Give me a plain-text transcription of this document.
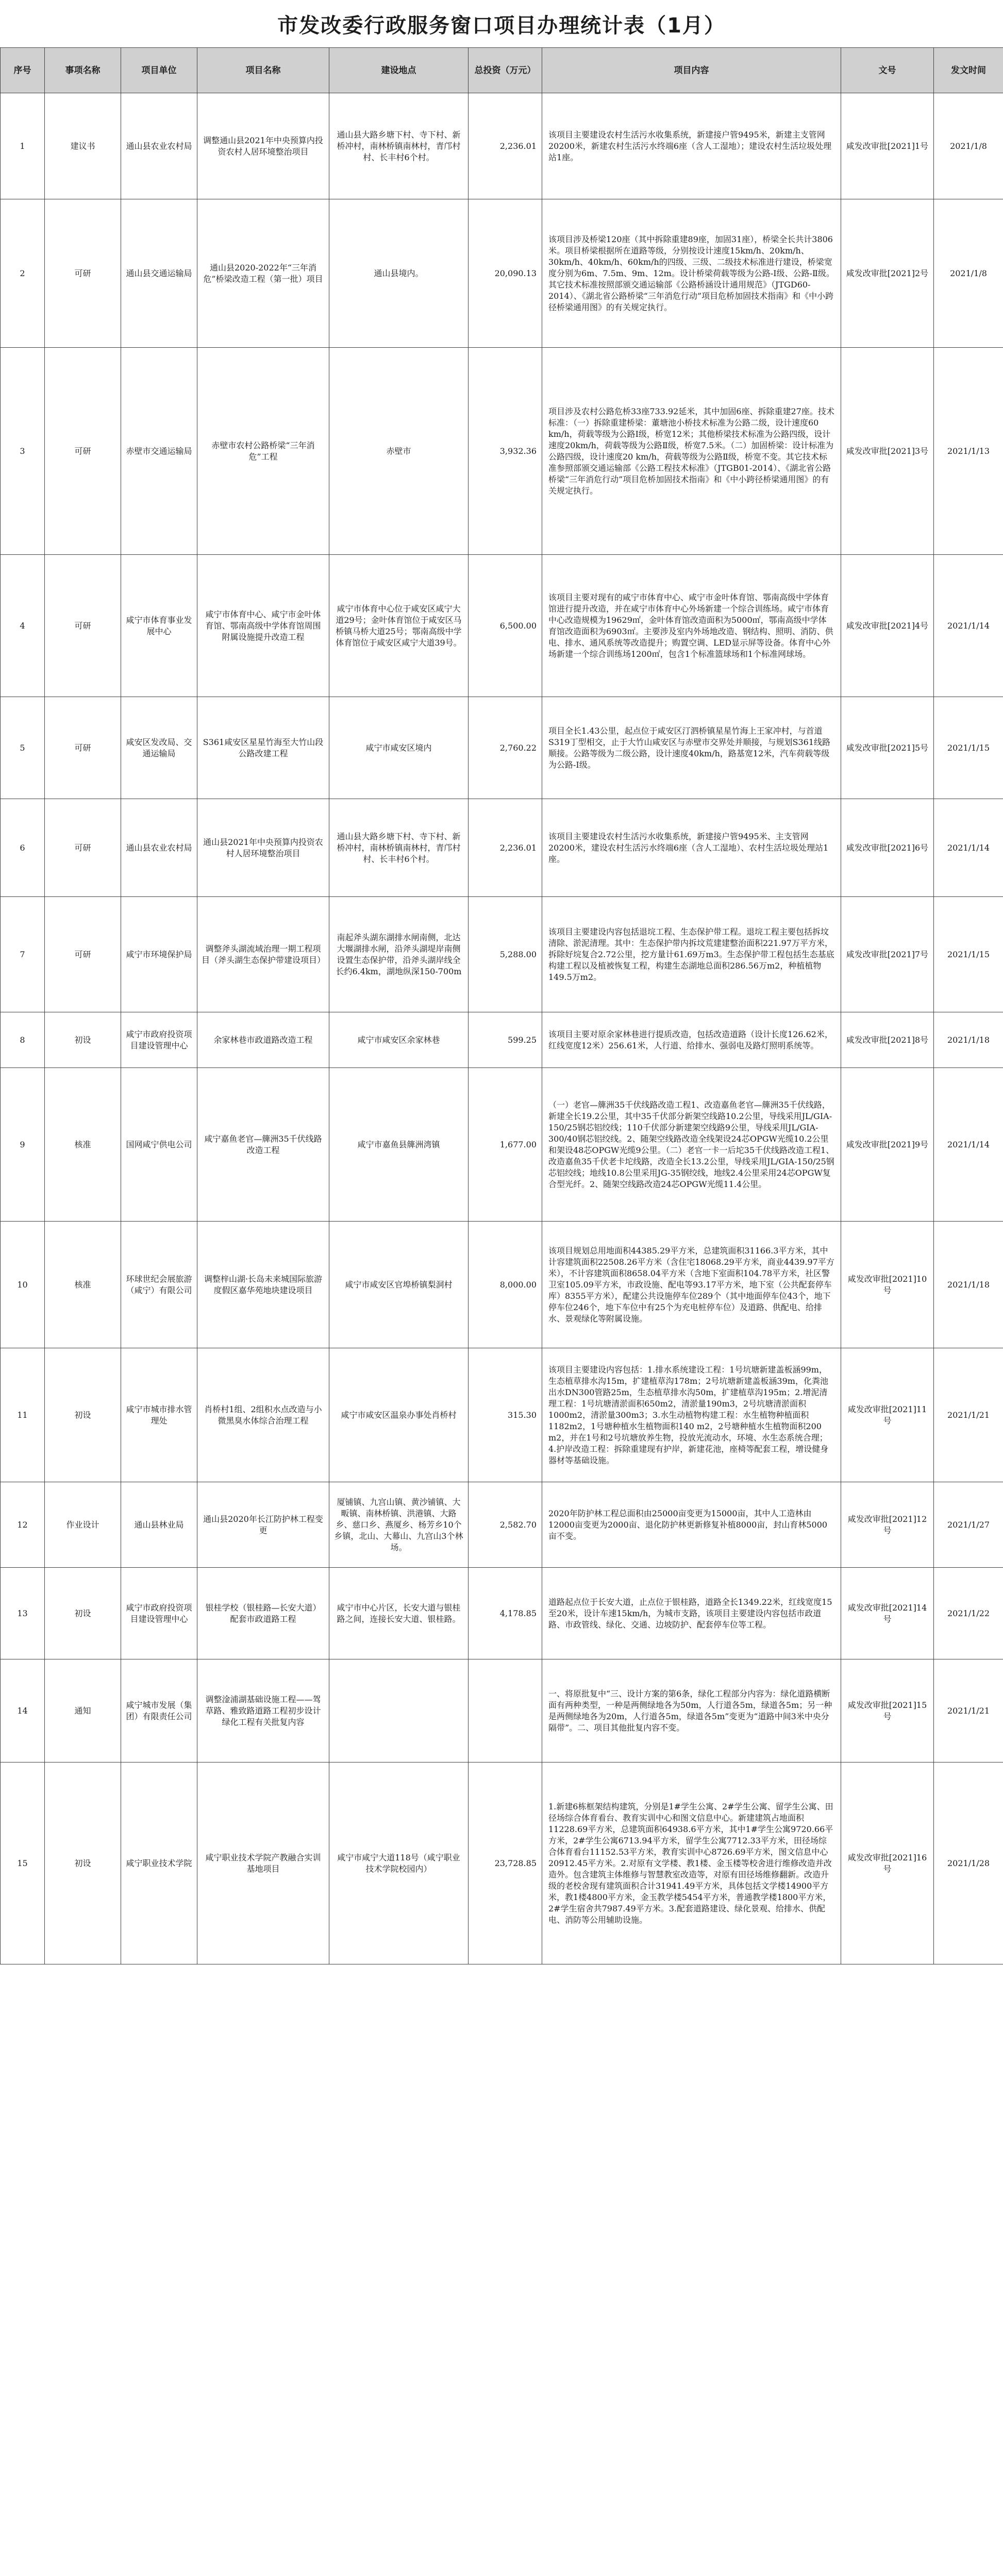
市发改委行政服务窗口项目办理统计表（1月）
序号	事项名称	项目单位	项目名称	建设地点	总投资（万元）	项目内容	文号	发文时间
1	建议书	通山县农业农村局	调整通山县2021年中央预算内投资农村人居环境整治项目	通山县大路乡塘下村、寺下村、新桥冲村，南林桥镇南林村，青邝村村、长丰村6个村。	2,236.01	该项目主要建设农村生活污水收集系统，新建接户管9495米，新建主支管网20200米，新建农村生活污水终端6座（含人工湿地）；建设农村生活垃圾处理站1座。	咸发改审批[2021]1号	2021/1/8
2	可研	通山县交通运输局	通山县2020-2022年“三年消危”桥梁改造工程（第一批）项目	通山县境内。	20,090.13	该项目涉及桥梁120座（其中拆除重建89座，加固31座），桥梁全长共计3806米。项目桥梁根据所在道路等级，分别按设计速度15km/h、20km/h、30km/h、40km/h、60km/h的四级、三级、二级技术标准进行建设，桥梁宽度分别为6m、7.5m、9m、12m。设计桥梁荷载等级为公路-Ⅰ级、公路-Ⅱ级。其它技术标准按照部颁交通运输部《公路桥涵设计通用规范》（JTGD60-2014）、《湖北省公路桥梁“三年消危行动”项目危桥加固技术指南》和《中小跨径桥梁通用图》的有关规定执行。	咸发改审批[2021]2号	2021/1/8
3	可研	赤壁市交通运输局	赤壁市农村公路桥梁“三年消危”工程	赤壁市	3,932.36	项目涉及农村公路危桥33座733.92延米，其中加固6座、拆除重建27座。技术标准：（一）拆除重建桥梁：董塘池小桥技术标准为公路二级，设计速度60 km/h，荷载等级为公路Ⅰ级，桥宽12米；其他桥梁技术标准为公路四级，设计速度20km/h，荷载等级为公路Ⅱ级，桥宽7.5米。（二）加固桥梁：设计标准为公路四级，设计速度20 km/h，荷载等级为公路Ⅱ级，桥宽不变。其它技术标准参照部颁交通运输部《公路工程技术标准》（JTGB01-2014）、《湖北省公路桥梁“三年消危行动”项目危桥加固技术指南》和《中小跨径桥梁通用图》的有关规定执行。	咸发改审批[2021]3号	2021/1/13
4	可研	咸宁市体育事业发展中心	咸宁市体育中心、咸宁市金叶体育馆、鄂南高级中学体育馆周围附属设施提升改造工程	咸宁市体育中心位于咸安区咸宁大道29号；金叶体育馆位于咸安区马桥镇马桥大道25号；鄂南高级中学体育馆位于咸安区咸宁大道39号。	6,500.00	该项目主要对现有的咸宁市体育中心、咸宁市金叶体育馆、鄂南高级中学体育馆进行提升改造，并在咸宁市体育中心外场新建一个综合训练场。咸宁市体育中心改造规模为19629㎡，金叶体育馆改造面积为5000㎡，鄂南高级中学体育馆改造面积为6903㎡。主要涉及室内外场地改造、钢结构、照明、消防、供电、排水、通风系统等改造提升；购置空调、LED显示屏等设备。体育中心外场新建一个综合训练场1200㎡，包含1个标准篮球场和1个标准网球场。	咸发改审批[2021]4号	2021/1/14
5	可研	咸安区发改局、交通运输局	S361咸安区星星竹海至大竹山段公路改建工程	咸宁市咸安区境内	2,760.22	项目全长1.43公里，起点位于咸安区汀泗桥镇星星竹海上王家冲村，与首道S319丁型相交，止于大竹山咸安区与赤壁市交界处并顺接，与规划S361线路顺接。公路等级为二级公路，设计速度40km/h，路基宽12米，汽车荷载等级为公路-Ⅰ级。	咸发改审批[2021]5号	2021/1/15
6	可研	通山县农业农村局	通山县2021年中央预算内投资农村人居环境整治项目	通山县大路乡塘下村、寺下村、新桥冲村，南林桥镇南林村，青邝村村、长丰村6个村。	2,236.01	该项目主要建设农村生活污水收集系统，新建接户管9495米、主支管网20200米，建设农村生活污水终端6座（含人工湿地）、农村生活垃圾处理站1座。	咸发改审批[2021]6号	2021/1/14
7	可研	咸宁市环境保护局	调整斧头湖流域治理一期工程项目（斧头湖生态保护带建设项目）	南起斧头湖东湖排水闸南侧，北达大堰湖排水闸，沿斧头湖堤岸南侧设置生态保护带，沿斧头湖岸线全长约6.4km，湖地纵深150-700m	5,288.00	该项目主要建设内容包括退垸工程、生态保护带工程。退垸工程主要包括拆坟清除、淤泥清理。其中：生态保护带内拆坟荒建建整治面积221.97万平方米，拆除好垸复合2.72公里，挖方量计61.69万m3。生态保护带工程包括生态基底构建工程以及植被恢复工程，构建生态湖地总面积286.56万m2，种植植物149.5万m2。	咸发改审批[2021]7号	2021/1/15
8	初设	咸宁市政府投资项目建设管理中心	余家林巷市政道路改造工程	咸宁市咸安区余家林巷	599.25	该项目主要对原余家林巷进行提质改造，包括改造道路（设计长度126.62米，红线宽度12米）256.61米，人行道、给排水、强弱电及路灯照明系统等。	咸发改审批[2021]8号	2021/1/18
9	核准	国网咸宁供电公司	咸宁嘉鱼老官—簰洲35千伏线路改造工程	咸宁市嘉鱼县簰洲湾镇	1,677.00	（一）老官—簰洲35千伏线路改造工程1、改造嘉鱼老官—簰洲35千伏线路，新建全长19.2公里，其中35千伏部分新架空线路10.2公里，导线采用JL/GIA-150/25钢芯铝绞线；110千伏部分新建架空线路9公里，导线采用JL/GIA-300/40钢芯铝绞线。2、随架空线路改造全线架设24芯OPGW光缆10.2公里和架设48芯OPGW光缆9公里。（二）老官一卡一后坨35千伏线路改造工程1、改造嘉鱼35千伏老卡坨线路，改造全长13.2公里，导线采用JL/GIA-150/25钢芯铝绞线；地线10.8公里采用JG-35钢绞线，地线2.4公里采用24芯OPGW复合型光纤。2、随架空线路改造24芯OPGW光缆11.4公里。	咸发改审批[2021]9号	2021/1/14
10	核准	环球世纪会展旅游（咸宁）有限公司	调整梓山湖·长岛未来城国际旅游度假区嘉华苑地块建设项目	咸宁市咸安区官埠桥镇梨洞村	8,000.00	该项目规划总用地面积44385.29平方米，总建筑面积31166.3平方米，其中计容建筑面积22508.26平方米（含住宅18068.29平方米，商业4439.97平方米），不计容建筑面积8658.04平方米（含地下室面积104.78平方米，社区警卫室105.09平方米，市政设施、配电等93.17平方米，地下室（公共配套停车库）8355平方米），配建公共设施停车位289个（其中地面停车位43个，地下停车位246个，地下车位中有25个为充电桩停车位）及道路、供配电、给排水、景观绿化等附属设施。	咸发改审批[2021]10号	2021/1/18
11	初设	咸宁市城市排水管理处	肖桥村1组、2组积水点改造与小微黑臭水体综合治理工程	咸宁市咸安区温泉办事处肖桥村	315.30	该项目主要建设内容包括：1.排水系统建设工程：1号坑塘新建盖板涵99m，生态植草排水沟15m，扩建植草沟178m；2号坑塘新建盖板涵39m，化粪池出水DN300管路25m，生态植草排水沟50m，扩建植草沟195m；2.增泥清理工程：1号坑塘清淤面积650m2，清淤量190m3，2号坑塘清淤面积1000m2，清淤量300m3；3.水生动植物构建工程：水生植物种植面积1182m2，1号塘种植水生植物面积140 m2，2号塘种植水生植物面积200 m2，并在1号和2号坑塘放养生物，投放光流动水，环境、水生态系统合理；4.护岸改造工程：拆除重建现有护岸，新建花池，座椅等配套工程，增设健身器材等基础设施。	咸发改审批[2021]11号	2021/1/21
12	作业设计	通山县林业局	通山县2020年长江防护林工程变更	厦铺镇、九宫山镇、黄沙铺镇、大畈镇、南林桥镇、洪港镇、大路乡、慈口乡、燕厦乡、杨芳乡10个乡镇，北山、大幕山、九宫山3个林场。	2,582.70	2020年防护林工程总面积由25000亩变更为15000亩，其中人工造林由12000亩变更为2000亩、退化防护林更新修复补植8000亩，封山育林5000亩不变。	咸发改审批[2021]12号	2021/1/27
13	初设	咸宁市政府投资项目建设管理中心	银桂学校（银桂路—长安大道）配套市政道路工程	咸宁市中心片区，长安大道与银桂路之间，连接长安大道、银桂路。	4,178.85	道路起点位于长安大道，止点位于银桂路，道路全长1349.22米，红线宽度15至20米，设计车速15km/h，为城市支路，该项目主要建设内容包括市政道路、市政管线、绿化、交通、边坡防护、配套停车位等工程。	咸发改审批[2021]14号	2021/1/22
14	通知	咸宁城市发展（集团）有限责任公司	调整淦浦湖基础设施工程——驾草路、雅致路道路工程初步设计绿化工程有关批复内容			一、将原批复中“三、设计方案的第6条，绿化工程部分内容为：绿化道路横断面有两种类型，一种是两侧绿地各为50m，人行道各5m，绿道各5m；另一种是两侧绿地各为20m，人行道各5m，绿道各5m”变更为“道路中间3米中央分隔带”。二、项目其他批复内容不变。	咸发改审批[2021]15号	2021/1/21
15	初设	咸宁职业技术学院	咸宁职业技术学院产教融合实训基地项目	咸宁市咸宁大道118号（咸宁职业技术学院校园内）	23,728.85	1.新建6栋框架结构建筑，分别是1#学生公寓、2#学生公寓、留学生公寓、田径场综合体育看台、教育实训中心和图文信息中心。新建建筑占地面积11228.69平方米，总建筑面积64938.6平方米，其中1#学生公寓9720.66平方米，2#学生公寓6713.94平方米，留学生公寓7712.33平方米，田径场综合体育看台11152.53平方米，教育实训中心8726.69平方米，图文信息中心20912.45平方米。2.对原有文学楼、教1楼、金玉楼等校舍进行维修改造并改造外。包含建筑主体维修与智慧教室改造等，对原有田径场维修翻新。改造升级的老校舍现有建筑面积合计31941.49平方米，具体包括文学楼14900平方米，教1楼4800平方米，金玉教学楼5454平方米，普通教学楼1800平方米，2#学生宿舍共7987.49平方米。3.配套道路建设、绿化景观、给排水、供配电、消防等公用辅助设施。	咸发改审批[2021]16号	2021/1/28
